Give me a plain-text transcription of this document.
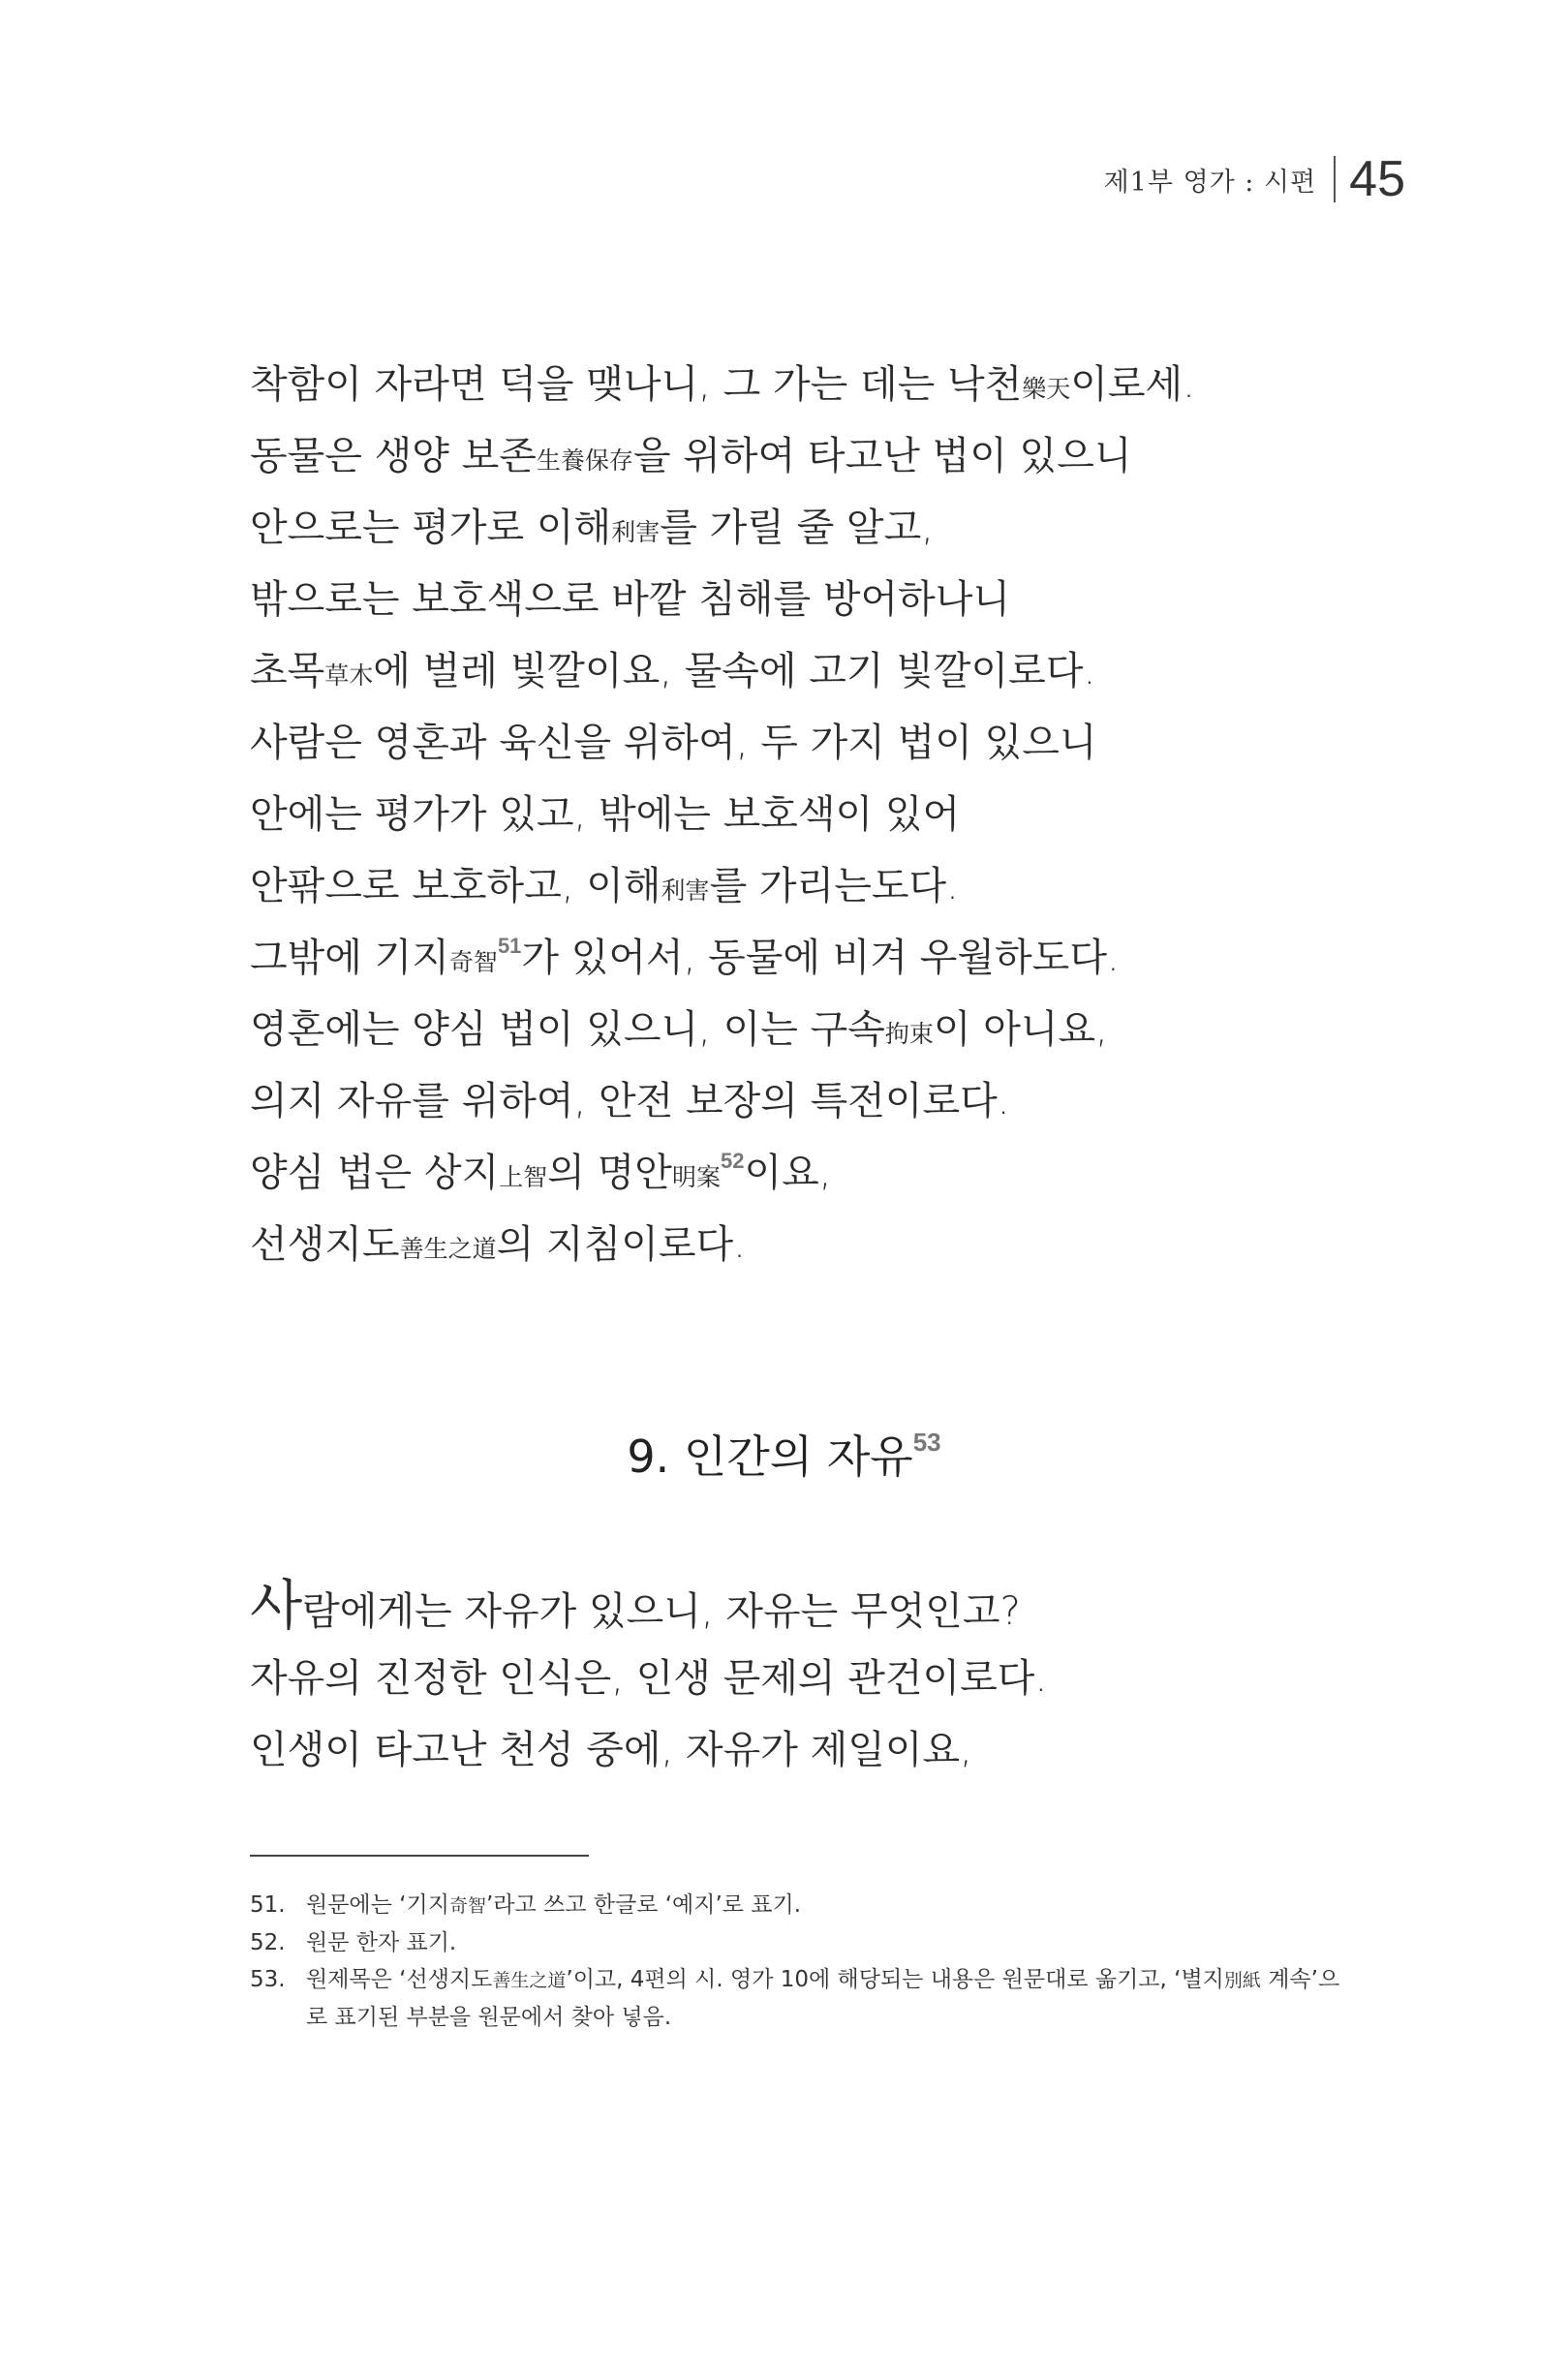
제1부 영가 : 시편 45
착함이 자라면 덕을 맺나니, 그 가는 데는 낙천樂天이로세.
동물은 생양 보존生養保存을 위하여 타고난 법이 있으니
안으로는 평가로 이해利害를 가릴 줄 알고,
밖으로는 보호색으로 바깥 침해를 방어하나니
초목草木에 벌레 빛깔이요, 물속에 고기 빛깔이로다.
사람은 영혼과 육신을 위하여, 두 가지 법이 있으니
안에는 평가가 있고, 밖에는 보호색이 있어
안팎으로 보호하고, 이해利害를 가리는도다.
그밖에 기지奇智$^{51}$가 있어서, 동물에 비겨 우월하도다.
영혼에는 양심 법이 있으니, 이는 구속拘束이 아니요,
의지 자유를 위하여, 안전 보장의 특전이로다.
양심 법은 상지上智의 명안明案$^{52}$이요,
선생지도善生之道의 지침이로다.
9. 인간의 자유$^{53}$
사람에게는 자유가 있으니, 자유는 무엇인고?
자유의 진정한 인식은, 인생 문제의 관건이로다.
인생이 타고난 천성 중에, 자유가 제일이요,
51. 원문에는 ‘기지奇智’라고 쓰고 한글로 ‘예지’로 표기.
52. 원문 한자 표기.
53. 원제목은 ‘선생지도善生之道’이고, 4편의 시. 영가 10에 해당되는 내용은 원문대로 옮기고, ‘별지別紙 계속’으로 표기된 부분을 원문에서 찾아 넣음.
